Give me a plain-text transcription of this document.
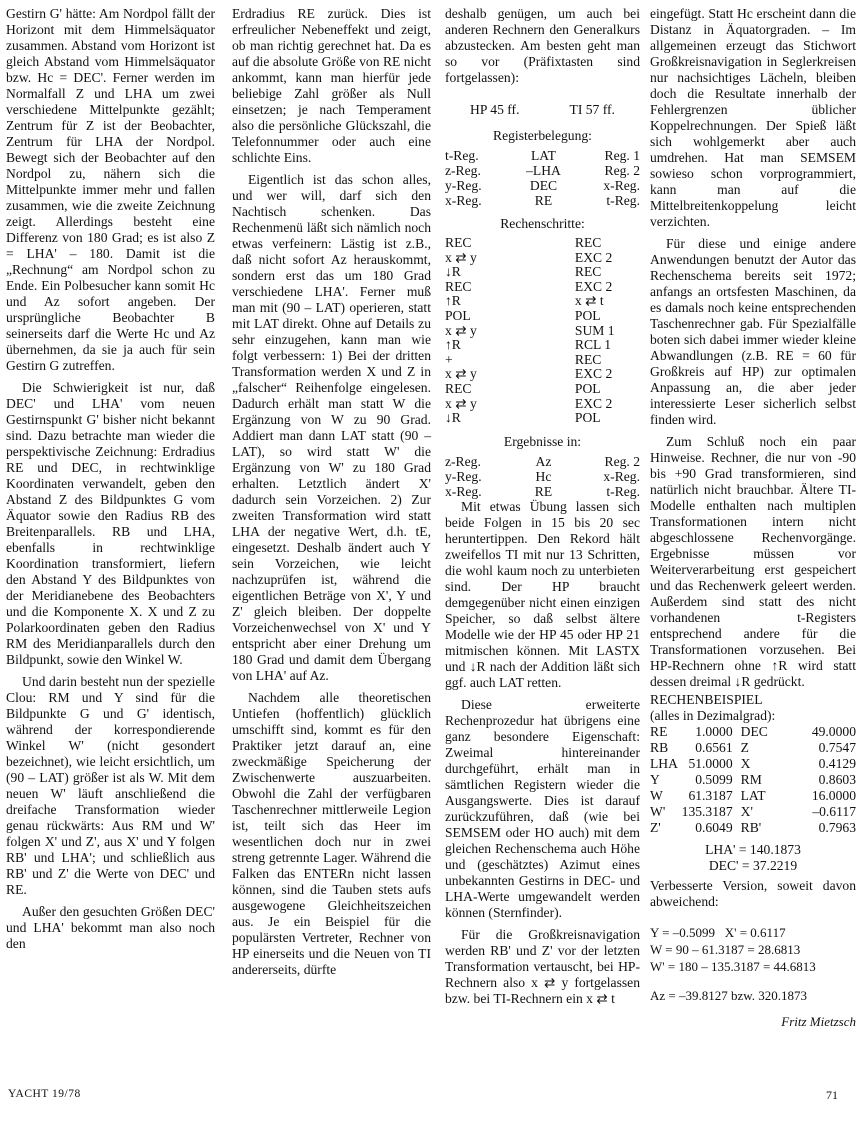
Gestirn G' hätte: Am Nordpol fällt der Horizont mit dem Himmelsäquator zusammen. Abstand vom Horizont ist gleich Abstand vom Himmelsäquator bzw. Hc = DEC'. Ferner werden im Normalfall Z und LHA um zwei verschiedene Mittelpunkte gezählt; Zentrum für Z ist der Beobachter, Zentrum für LHA der Nordpol. Bewegt sich der Beobachter auf den Nordpol zu, nähern sich die Mittelpunkte immer mehr und fallen zusammen, wie die zweite Zeichnung zeigt. Allerdings besteht eine Differenz von 180 Grad; es ist also Z = LHA' – 180. Damit ist die „Rechnung“ am Nordpol schon zu Ende. Ein Polbesucher kann somit Hc und Az sofort angeben. Der ursprüngliche Beobachter B seinerseits darf die Werte Hc und Az übernehmen, da sie ja auch für sein Gestirn G zutreffen.

Die Schwierigkeit ist nur, daß DEC' und LHA' vom neuen Gestirnspunkt G' bisher nicht bekannt sind. Dazu betrachte man wieder die perspektivische Zeichnung: Erdradius RE und DEC, in rechtwinklige Koordinaten verwandelt, geben den Abstand Z des Bildpunktes G vom Äquator sowie den Radius RB des Breitenparallels. RB und LHA, ebenfalls in rechtwinklige Koordination transformiert, liefern den Abstand Y des Bildpunktes von der Meridianebene des Beobachters und die Komponente X. X und Z zu Polarkoordinaten geben den Radius RM des Meridianparallels durch den Bildpunkt, sowie den Winkel W.

Und darin besteht nun der spezielle Clou: RM und Y sind für die Bildpunkte G und G' identisch, während der korrespondierende Winkel W' (nicht gesondert bezeichnet), wie leicht ersichtlich, um (90 – LAT) größer ist als W. Mit dem neuen W' läuft anschließend die dreifache Transformation wieder genau rückwärts: Aus RM und W' folgen X' und Z', aus X' und Y folgen RB' und LHA'; und schließlich aus RB' und Z' die Werte von DEC' und RE.

Außer den gesuchten Größen DEC' und LHA' bekommt man also noch den

Erdradius RE zurück. Dies ist erfreulicher Nebeneffekt und zeigt, ob man richtig gerechnet hat. Da es auf die absolute Größe von RE nicht ankommt, kann man hierfür jede beliebige Zahl größer als Null einsetzen; je nach Temperament also die persönliche Glückszahl, die Telefonnummer oder auch eine schlichte Eins.

Eigentlich ist das schon alles, und wer will, darf sich den Nachtisch schenken. Das Rechenmenü läßt sich nämlich noch etwas verfeinern: Lästig ist z.B., daß nicht sofort Az herauskommt, sondern erst das um 180 Grad verschiedene LHA'. Ferner muß man mit (90 – LAT) operieren, statt mit LAT direkt. Ohne auf Details zu sehr einzugehen, kann man wie folgt verbessern: 1) Bei der dritten Transformation werden X und Z in „falscher“ Reihenfolge eingelesen. Dadurch erhält man statt W die Ergänzung von W zu 90 Grad. Addiert man dann LAT statt (90 – LAT), so wird statt W' die Ergänzung von W' zu 180 Grad erhalten. Letztlich ändert X' dadurch sein Vorzeichen. 2) Zur zweiten Transformation wird statt LHA der negative Wert, d.h. tE, eingesetzt. Deshalb ändert auch Y sein Vorzeichen, wie leicht nachzuprüfen ist, während die eigentlichen Beträge von X', Y und Z' gleich bleiben. Der doppelte Vorzeichenwechsel von X' und Y entspricht aber einer Drehung um 180 Grad und damit dem Übergang von LHA' auf Az.

Nachdem alle theoretischen Untiefen (hoffentlich) glücklich umschifft sind, kommt es für den Praktiker jetzt darauf an, eine zweckmäßige Speicherung der Zwischenwerte auszuarbeiten. Obwohl die Zahl der verfügbaren Taschenrechner mittlerweile Legion ist, teilt sich das Heer im wesentlichen doch nur in zwei streng getrennte Lager. Während die Falken das ENTERn nicht lassen können, sind die Tauben stets aufs ausgewogene Gleichheitszeichen aus. Je ein Beispiel für die populärsten Vertreter, Rechner von HP einerseits und die Neuen von TI andererseits, dürfte

deshalb genügen, um auch bei anderen Rechnern den Generalkurs abzustecken. Am besten geht man so vor (Präfixtasten sind fortgelassen):

HP 45 ff.	TI 57 ff.
Registerbelegung:
t-Reg.	LAT	Reg. 1
z-Reg.	–LHA	Reg. 2
y-Reg.	DEC	x-Reg.
x-Reg.	RE	t-Reg.
Rechenschritte:
REC	REC
x ⇄ y	EXC 2
↓R	REC
REC	EXC 2
↑R	x ⇄ t
POL	POL
x ⇄ y	SUM 1
↑R	RCL 1
+	REC
x ⇄ y	EXC 2
REC	POL
x ⇄ y	EXC 2
↓R	POL
Ergebnisse in:
z-Reg.	Az	Reg. 2
y-Reg.	Hc	x-Reg.
x-Reg.	RE	t-Reg.

Mit etwas Übung lassen sich beide Folgen in 15 bis 20 sec heruntertippen. Den Rekord hält zweifellos TI mit nur 13 Schritten, die wohl kaum noch zu unterbieten sind. Der HP braucht demgegenüber nicht einen einzigen Speicher, so daß selbst ältere Modelle wie der HP 45 oder HP 21 mitmischen können. Mit LASTX und ↓R nach der Addition läßt sich ggf. auch LAT retten.

Diese erweiterte Rechenprozedur hat übrigens eine ganz besondere Eigenschaft: Zweimal hintereinander durchgeführt, erhält man in sämtlichen Registern wieder die Ausgangswerte. Dies ist darauf zurückzuführen, daß (wie bei SEMSEM oder HO auch) mit dem gleichen Rechenschema auch Höhe und (geschätztes) Azimut eines unbekannten Gestirns in DEC- und LHA-Werte umgewandelt werden können (Sternfinder).

Für die Großkreisnavigation werden RB' und Z' vor der letzten Transformation vertauscht, bei HP-Rechnern also x ⇄ y fortgelassen bzw. bei TI-Rechnern ein x ⇄ t

eingefügt. Statt Hc erscheint dann die Distanz in Äquatorgraden. – Im allgemeinen erzeugt das Stichwort Großkreisnavigation in Seglerkreisen nur nachsichtiges Lächeln, bleiben doch die Resultate innerhalb der Fehlergrenzen üblicher Koppelrechnungen. Der Spieß läßt sich wohlgemerkt aber auch umdrehen. Hat man SEMSEM sowieso schon vorprogrammiert, kann man auf die Mittelbreitenkoppelung leicht verzichten.

Für diese und einige andere Anwendungen benutzt der Autor das Rechenschema bereits seit 1972; anfangs an ortsfesten Maschinen, da es damals noch keine entsprechenden Taschenrechner gab. Für Spezialfälle boten sich dabei immer wieder kleine Abwandlungen (z.B. RE = 60 für Großkreis auf HP) zur optimalen Anpassung an, die aber jeder interessierte Leser sicherlich selbst finden wird.

Zum Schluß noch ein paar Hinweise. Rechner, die nur von -90 bis +90 Grad transformieren, sind natürlich nicht brauchbar. Ältere TI-Modelle enthalten nach multiplen Transformationen intern nicht abgeschlossene Rechenvorgänge. Ergebnisse müssen vor Weiterverarbeitung erst gespeichert und das Rechenwerk geleert werden. Außerdem sind statt des nicht vorhandenen t-Registers entsprechend andere für die Transformationen vorzusehen. Bei HP-Rechnern ohne ↑R wird statt dessen dreimal ↓R gedrückt.

RECHENBEISPIEL
(alles in Dezimalgrad):
RE	1.0000	DEC	49.0000
RB	0.6561	Z	0.7547
LHA	51.0000	X	0.4129
Y	0.5099	RM	0.8603
W	61.3187	LAT	16.0000
W'	135.3187	X'	–0.6117
Z'	0.6049	RB'	0.7963
LHA' = 140.1873
DEC' = 37.2219

Verbesserte Version, soweit davon abweichend:

Y = –0.5099   X' = 0.6117
W = 90 – 61.3187 = 28.6813
W' = 180 – 135.3187 = 44.6813
Az = –39.8127 bzw. 320.1873
Fritz Mietzsch
YACHT 19/78	71
